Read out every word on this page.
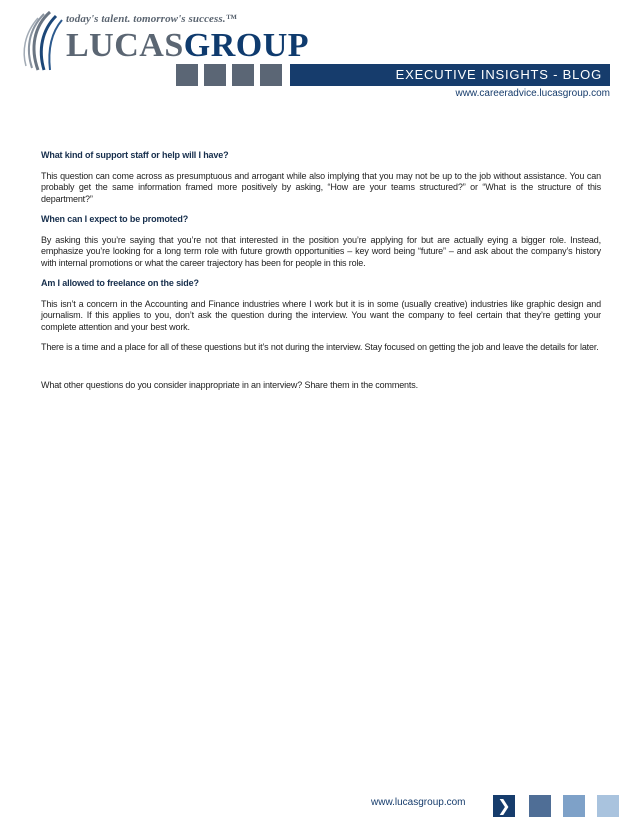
today's talent. tomorrow's success.™
LUCASGROUP
EXECUTIVE INSIGHTS - BLOG
www.careeradvice.lucasgroup.com

What kind of support staff or help will I have?

This question can come across as presumptuous and arrogant while also implying that you may not be up to the job without assistance. You can probably get the same information framed more positively by asking, “How are your teams structured?” or “What is the structure of this department?”

When can I expect to be promoted?

By asking this you’re saying that you’re not that interested in the position you’re applying for but are actually eying a bigger role. Instead, emphasize you’re looking for a long term role with future growth opportunities – key word being “future” – and ask about the company’s history with internal promotions or what the career trajectory has been for people in this role.

Am I allowed to freelance on the side?

This isn’t a concern in the Accounting and Finance industries where I work but it is in some (usually creative) industries like graphic design and journalism. If this applies to you, don’t ask the question during the interview. You want the company to feel certain that they’re getting your complete attention and your best work.

There is a time and a place for all of these questions but it’s not during the interview. Stay focused on getting the job and leave the details for later.

What other questions do you consider inappropriate in an interview? Share them in the comments.

www.lucasgroup.com ❯
